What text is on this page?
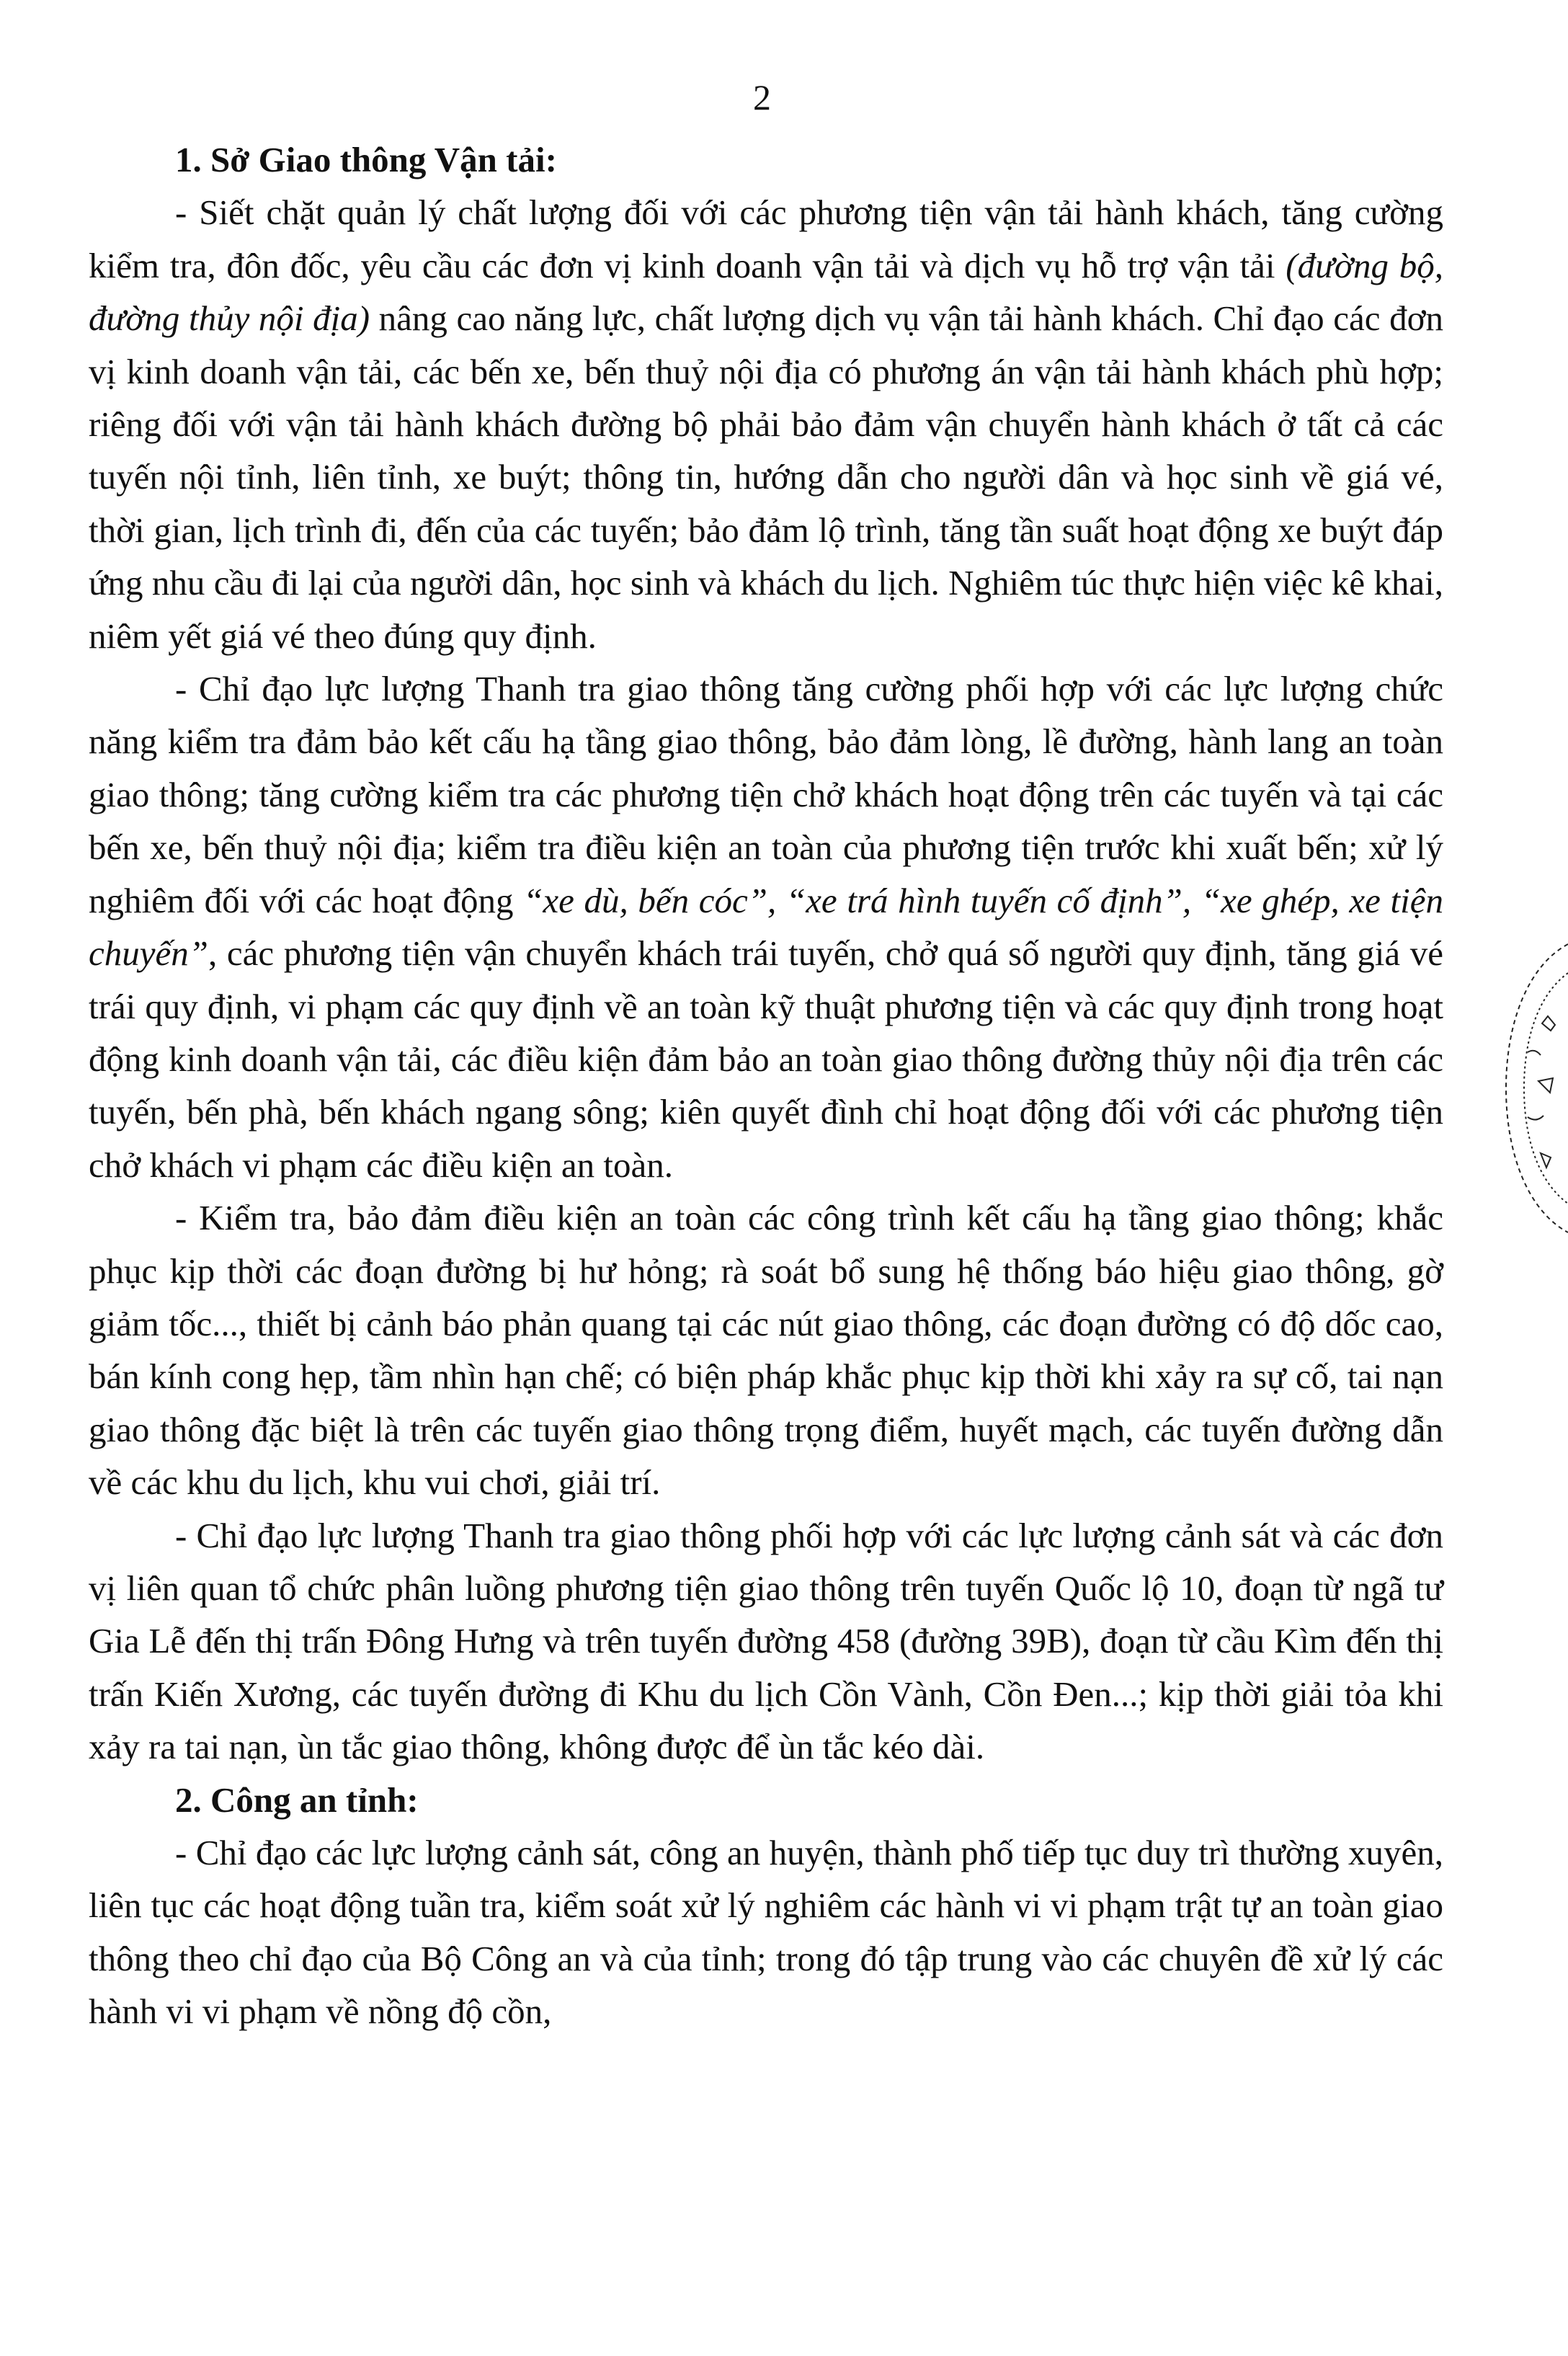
2

1. Sở Giao thông Vận tải:

- Siết chặt quản lý chất lượng đối với các phương tiện vận tải hành khách, tăng cường kiểm tra, đôn đốc, yêu cầu các đơn vị kinh doanh vận tải và dịch vụ hỗ trợ vận tải (đường bộ, đường thủy nội địa) nâng cao năng lực, chất lượng dịch vụ vận tải hành khách. Chỉ đạo các đơn vị kinh doanh vận tải, các bến xe, bến thuỷ nội địa có phương án vận tải hành khách phù hợp; riêng đối với vận tải hành khách đường bộ phải bảo đảm vận chuyển hành khách ở tất cả các tuyến nội tỉnh, liên tỉnh, xe buýt; thông tin, hướng dẫn cho người dân và học sinh về giá vé, thời gian, lịch trình đi, đến của các tuyến; bảo đảm lộ trình, tăng tần suất hoạt động xe buýt đáp ứng nhu cầu đi lại của người dân, học sinh và khách du lịch. Nghiêm túc thực hiện việc kê khai, niêm yết giá vé theo đúng quy định.

- Chỉ đạo lực lượng Thanh tra giao thông tăng cường phối hợp với các lực lượng chức năng kiểm tra đảm bảo kết cấu hạ tầng giao thông, bảo đảm lòng, lề đường, hành lang an toàn giao thông; tăng cường kiểm tra các phương tiện chở khách hoạt động trên các tuyến và tại các bến xe, bến thuỷ nội địa; kiểm tra điều kiện an toàn của phương tiện trước khi xuất bến; xử lý nghiêm đối với các hoạt động “xe dù, bến cóc”, “xe trá hình tuyến cố định”, “xe ghép, xe tiện chuyến”, các phương tiện vận chuyển khách trái tuyến, chở quá số người quy định, tăng giá vé trái quy định, vi phạm các quy định về an toàn kỹ thuật phương tiện và các quy định trong hoạt động kinh doanh vận tải, các điều kiện đảm bảo an toàn giao thông đường thủy nội địa trên các tuyến, bến phà, bến khách ngang sông; kiên quyết đình chỉ hoạt động đối với các phương tiện chở khách vi phạm các điều kiện an toàn.

- Kiểm tra, bảo đảm điều kiện an toàn các công trình kết cấu hạ tầng giao thông; khắc phục kịp thời các đoạn đường bị hư hỏng; rà soát bổ sung hệ thống báo hiệu giao thông, gờ giảm tốc..., thiết bị cảnh báo phản quang tại các nút giao thông, các đoạn đường có độ dốc cao, bán kính cong hẹp, tầm nhìn hạn chế; có biện pháp khắc phục kịp thời khi xảy ra sự cố, tai nạn giao thông đặc biệt là trên các tuyến giao thông trọng điểm, huyết mạch, các tuyến đường dẫn về các khu du lịch, khu vui chơi, giải trí.

- Chỉ đạo lực lượng Thanh tra giao thông phối hợp với các lực lượng cảnh sát và các đơn vị liên quan tổ chức phân luồng phương tiện giao thông trên tuyến Quốc lộ 10, đoạn từ ngã tư Gia Lễ đến thị trấn Đông Hưng và trên tuyến đường 458 (đường 39B), đoạn từ cầu Kìm đến thị trấn Kiến Xương, các tuyến đường đi Khu du lịch Cồn Vành, Cồn Đen...; kịp thời giải tỏa khi xảy ra tai nạn, ùn tắc giao thông, không được để ùn tắc kéo dài.

2. Công an tỉnh:

- Chỉ đạo các lực lượng cảnh sát, công an huyện, thành phố tiếp tục duy trì thường xuyên, liên tục các hoạt động tuần tra, kiểm soát xử lý nghiêm các hành vi vi phạm trật tự an toàn giao thông theo chỉ đạo của Bộ Công an và của tỉnh; trong đó tập trung vào các chuyên đề xử lý các hành vi vi phạm về nồng độ cồn,
